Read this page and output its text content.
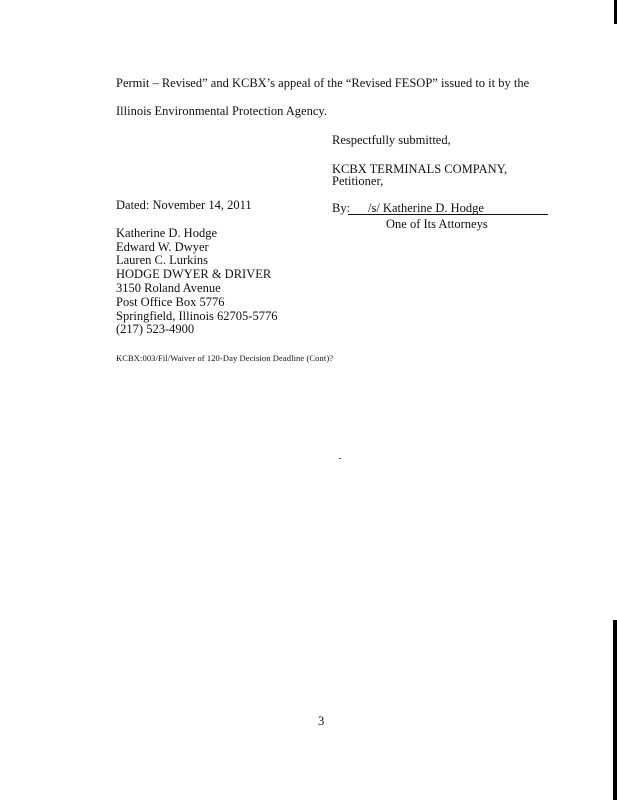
Permit – Revised” and KCBX’s appeal of the “Revised FESOP” issued to it by the
Illinois Environmental Protection Agency.
Respectfully submitted,
KCBX TERMINALS COMPANY,
Petitioner,
Dated: November 14, 2011	By: /s/ Katherine D. Hodge
One of Its Attorneys
Katherine D. Hodge
Edward W. Dwyer
Lauren C. Lurkins
HODGE DWYER & DRIVER
3150 Roland Avenue
Post Office Box 5776
Springfield, Illinois 62705-5776
(217) 523-4900
KCBX:003/Fil/Waiver of 120-Day Decision Deadline (Cont)?
3
